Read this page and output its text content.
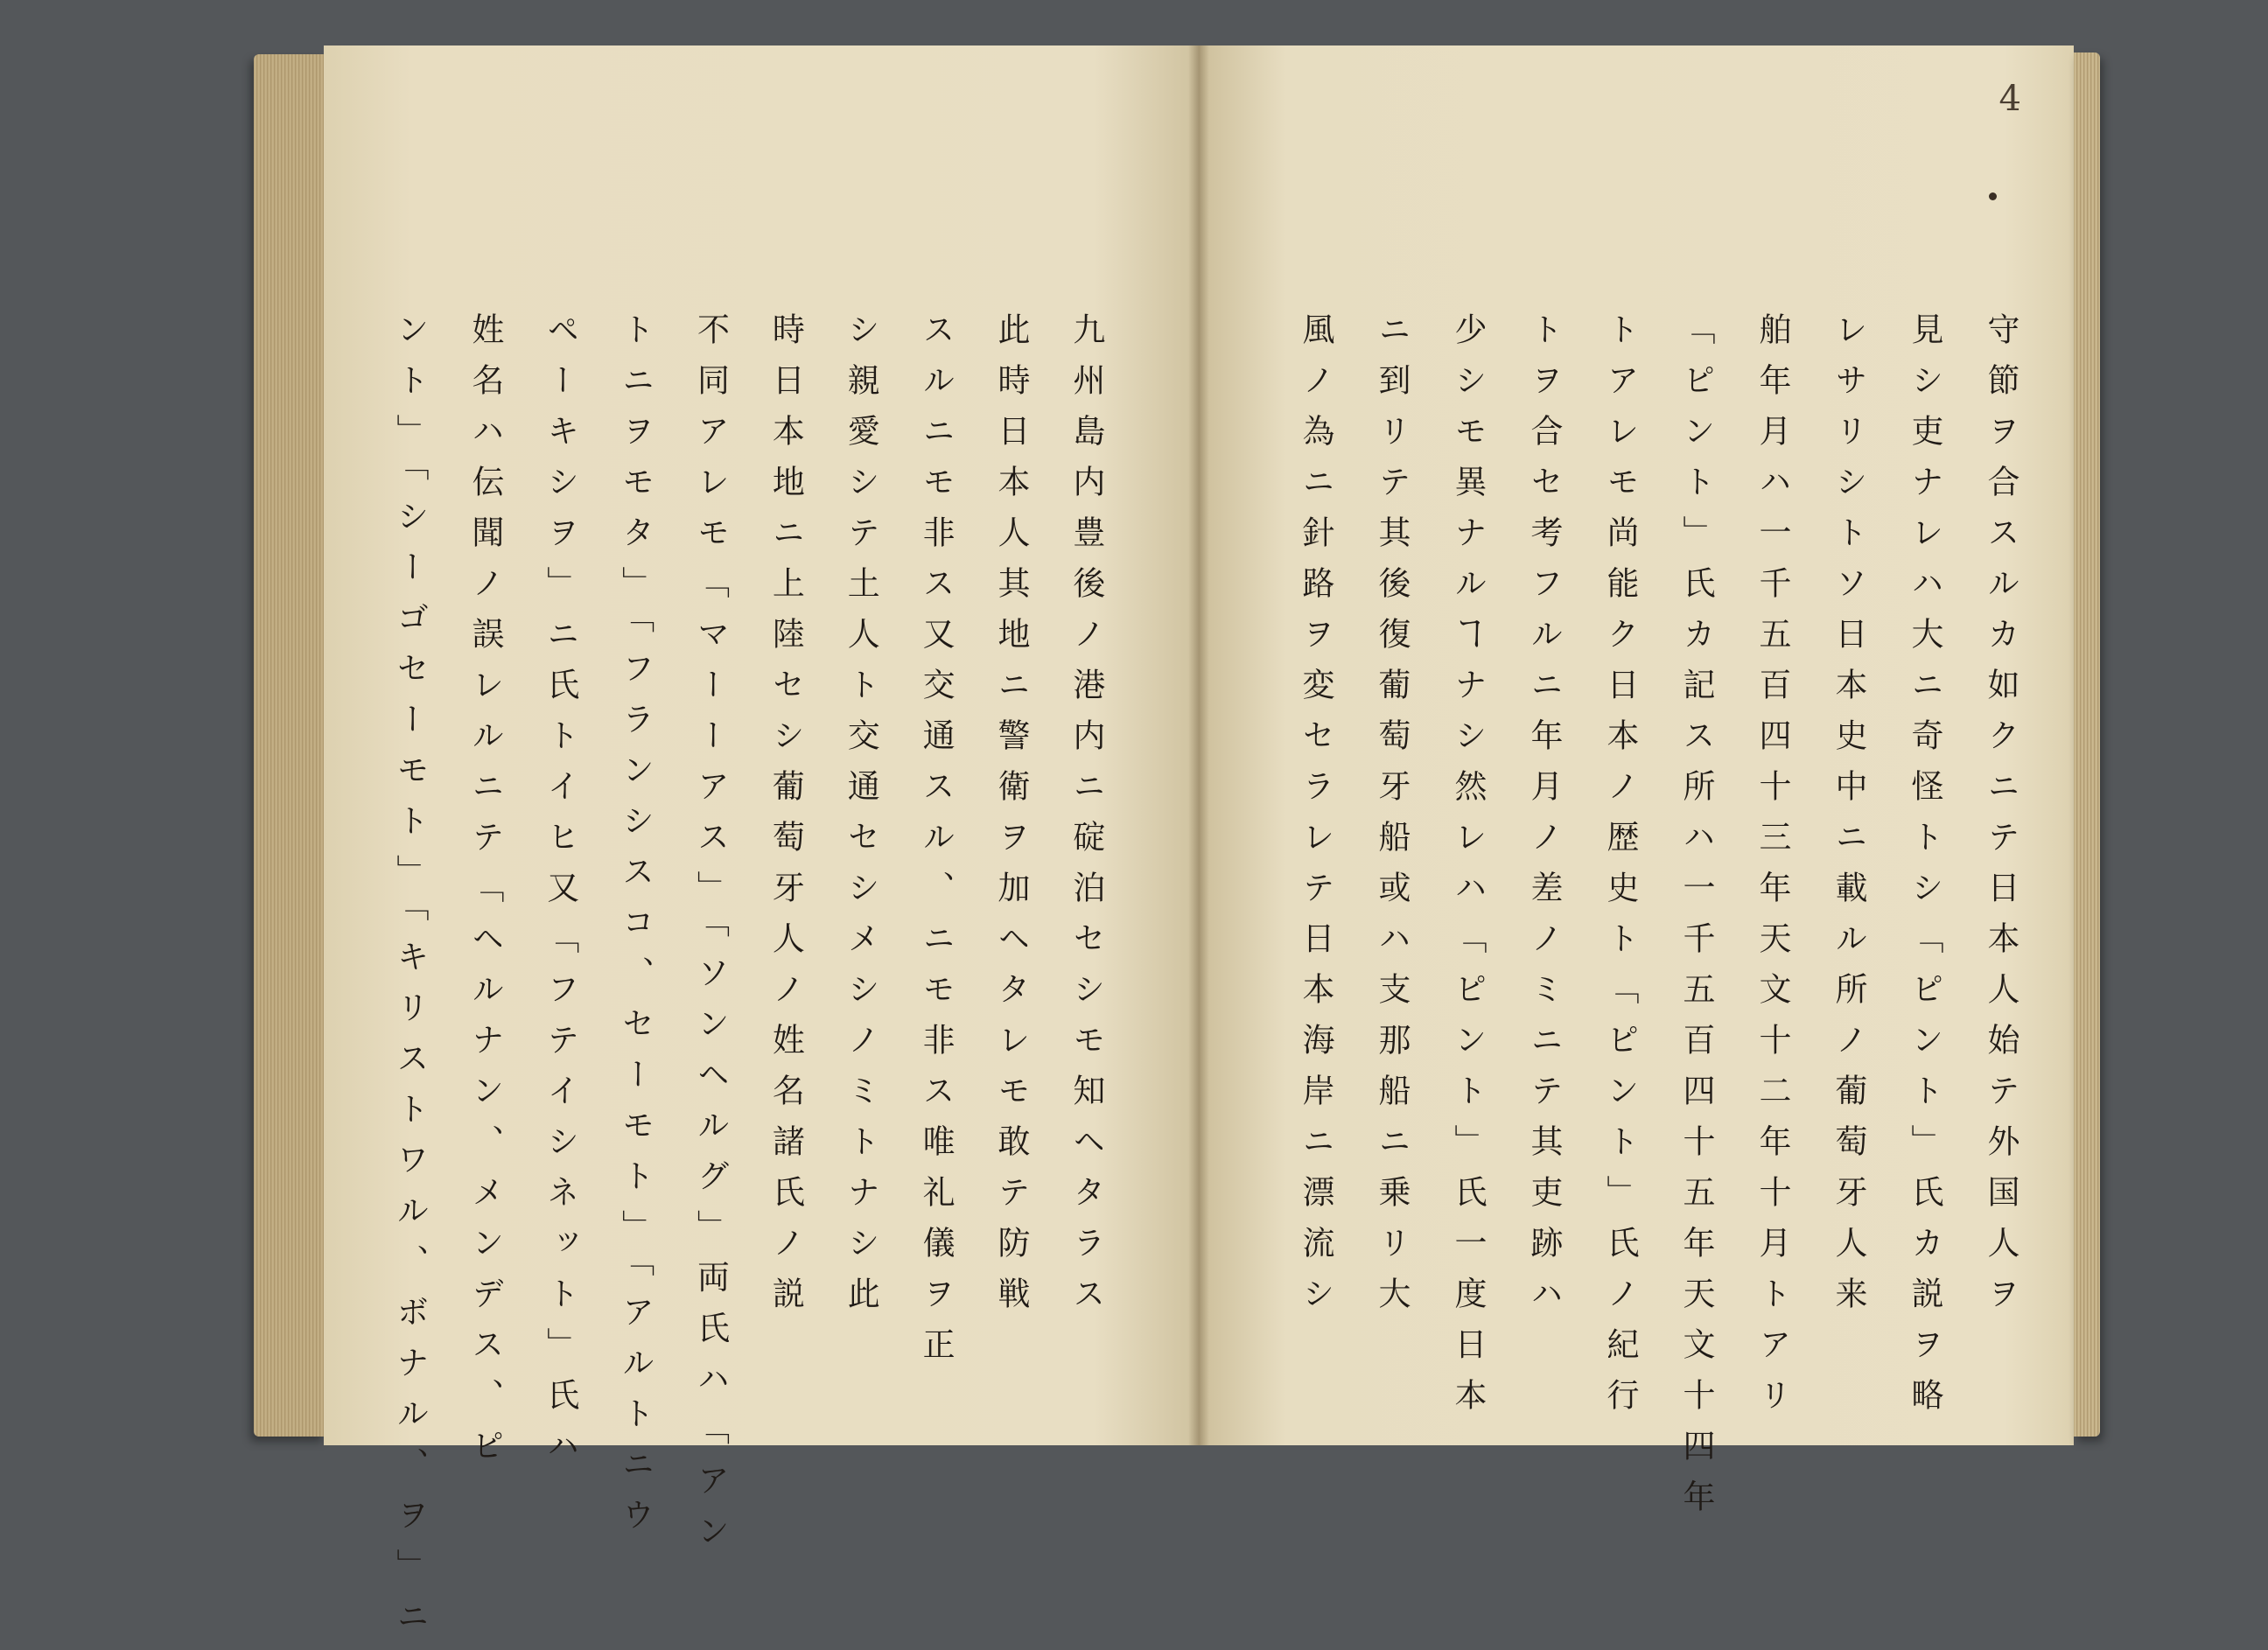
4
九州島内豊後ノ港内ニ碇泊セシモ知ヘタラス
此時日本人其地ニ警衛ヲ加ヘタレモ敢テ防戦
スルニモ非ス又交通スル、ニモ非ス唯礼儀ヲ正
シ親愛シテ土人ト交通セシメシノミトナシ此
時日本地ニ上陸セシ葡萄牙人ノ姓名諸氏ノ説
不同アレモ「マーーアス」「ソンヘルグ」両氏ハ「アン
トニヲモタ」「フランシスコ、セーモト」「アルトニウ
ペーキシヲ」ニ氏トイヒ又「フテイシネット」氏ハ
姓名ハ伝聞ノ誤レルニテ「ヘルナン、メンデス、ピ
ント」「シーゴセーモト」「キリストワル、ボナル、ヲ」ニ	守節ヲ合スルカ如クニテ日本人始テ外国人ヲ
見シ吏ナレハ大ニ奇怪トシ「ピント」氏カ説ヲ略
レサリシトソ日本史中ニ載ル所ノ葡萄牙人来
舶年月ハ一千五百四十三年天文十二年十月トアリ
「ピント」氏カ記ス所ハ一千五百四十五年天文十四年
トアレモ尚能ク日本ノ歴史ト「ピント」氏ノ紀行
トヲ合セ考フルニ年月ノ差ノミニテ其吏跡ハ
少シモ異ナルヿナシ然レハ「ピント」氏一度日本
ニ到リテ其後復葡萄牙船或ハ支那船ニ乗リ大
風ノ為ニ針路ヲ変セラレテ日本海岸ニ漂流シ
